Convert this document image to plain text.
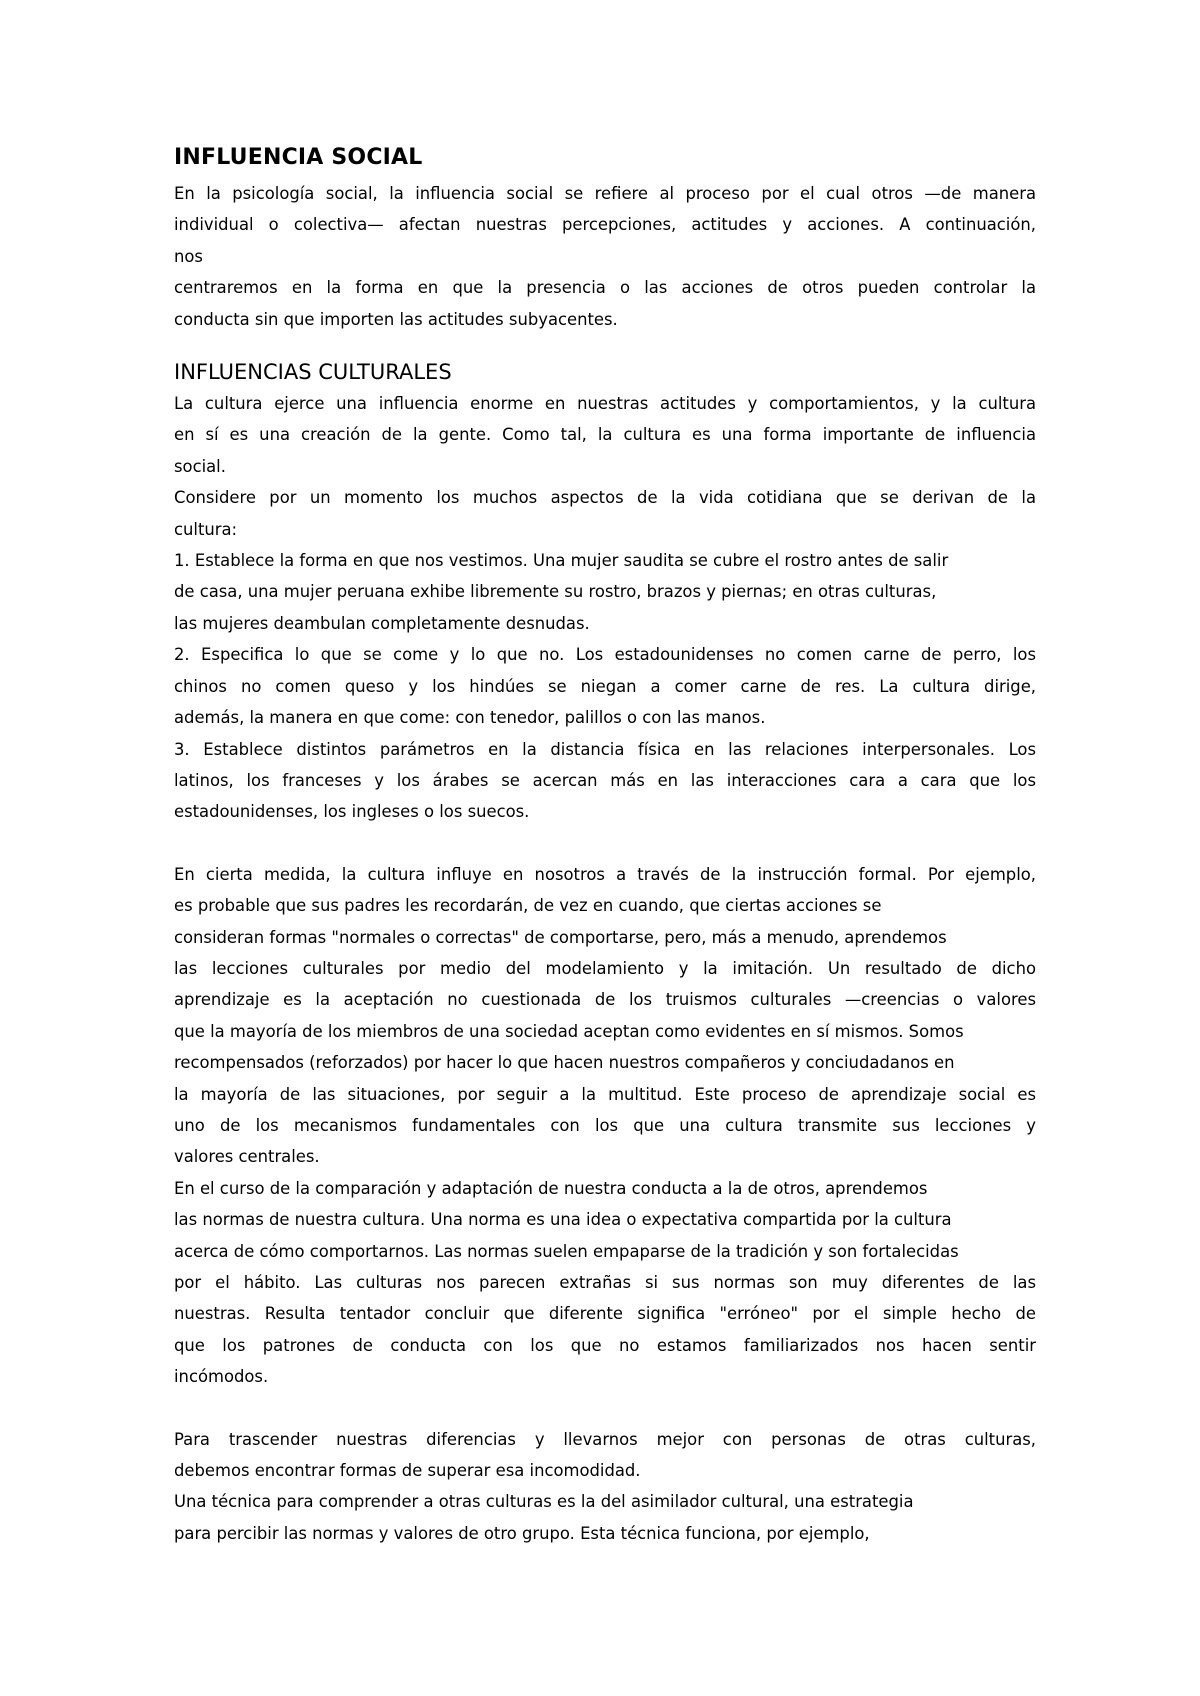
INFLUENCIA SOCIAL
En la psicología social, la influencia social se refiere al proceso por el cual otros —de manera
individual o colectiva— afectan nuestras percepciones, actitudes y acciones. A continuación,
nos
centraremos en la forma en que la presencia o las acciones de otros pueden controlar la
conducta sin que importen las actitudes subyacentes.
INFLUENCIAS CULTURALES
La cultura ejerce una influencia enorme en nuestras actitudes y comportamientos, y la cultura
en sí es una creación de la gente. Como tal, la cultura es una forma importante de influencia
social.
Considere por un momento los muchos aspectos de la vida cotidiana que se derivan de la
cultura:
1. Establece la forma en que nos vestimos. Una mujer saudita se cubre el rostro antes de salir
de casa, una mujer peruana exhibe libremente su rostro, brazos y piernas; en otras culturas,
las mujeres deambulan completamente desnudas.
2. Especifica lo que se come y lo que no. Los estadounidenses no comen carne de perro, los
chinos no comen queso y los hindúes se niegan a comer carne de res. La cultura dirige,
además, la manera en que come: con tenedor, palillos o con las manos.
3. Establece distintos parámetros en la distancia física en las relaciones interpersonales. Los
latinos, los franceses y los árabes se acercan más en las interacciones cara a cara que los
estadounidenses, los ingleses o los suecos.
En cierta medida, la cultura influye en nosotros a través de la instrucción formal. Por ejemplo,
es probable que sus padres les recordarán, de vez en cuando, que ciertas acciones se
consideran formas "normales o correctas" de comportarse, pero, más a menudo, aprendemos
las lecciones culturales por medio del modelamiento y la imitación. Un resultado de dicho
aprendizaje es la aceptación no cuestionada de los truismos culturales —creencias o valores
que la mayoría de los miembros de una sociedad aceptan como evidentes en sí mismos. Somos
recompensados (reforzados) por hacer lo que hacen nuestros compañeros y conciudadanos en
la mayoría de las situaciones, por seguir a la multitud. Este proceso de aprendizaje social es
uno de los mecanismos fundamentales con los que una cultura transmite sus lecciones y
valores centrales.
En el curso de la comparación y adaptación de nuestra conducta a la de otros, aprendemos
las normas de nuestra cultura. Una norma es una idea o expectativa compartida por la cultura
acerca de cómo comportarnos. Las normas suelen empaparse de la tradición y son fortalecidas
por el hábito. Las culturas nos parecen extrañas si sus normas son muy diferentes de las
nuestras. Resulta tentador concluir que diferente significa "erróneo" por el simple hecho de
que los patrones de conducta con los que no estamos familiarizados nos hacen sentir
incómodos.
Para trascender nuestras diferencias y llevarnos mejor con personas de otras culturas,
debemos encontrar formas de superar esa incomodidad.
Una técnica para comprender a otras culturas es la del asimilador cultural, una estrategia
para percibir las normas y valores de otro grupo. Esta técnica funciona, por ejemplo,
